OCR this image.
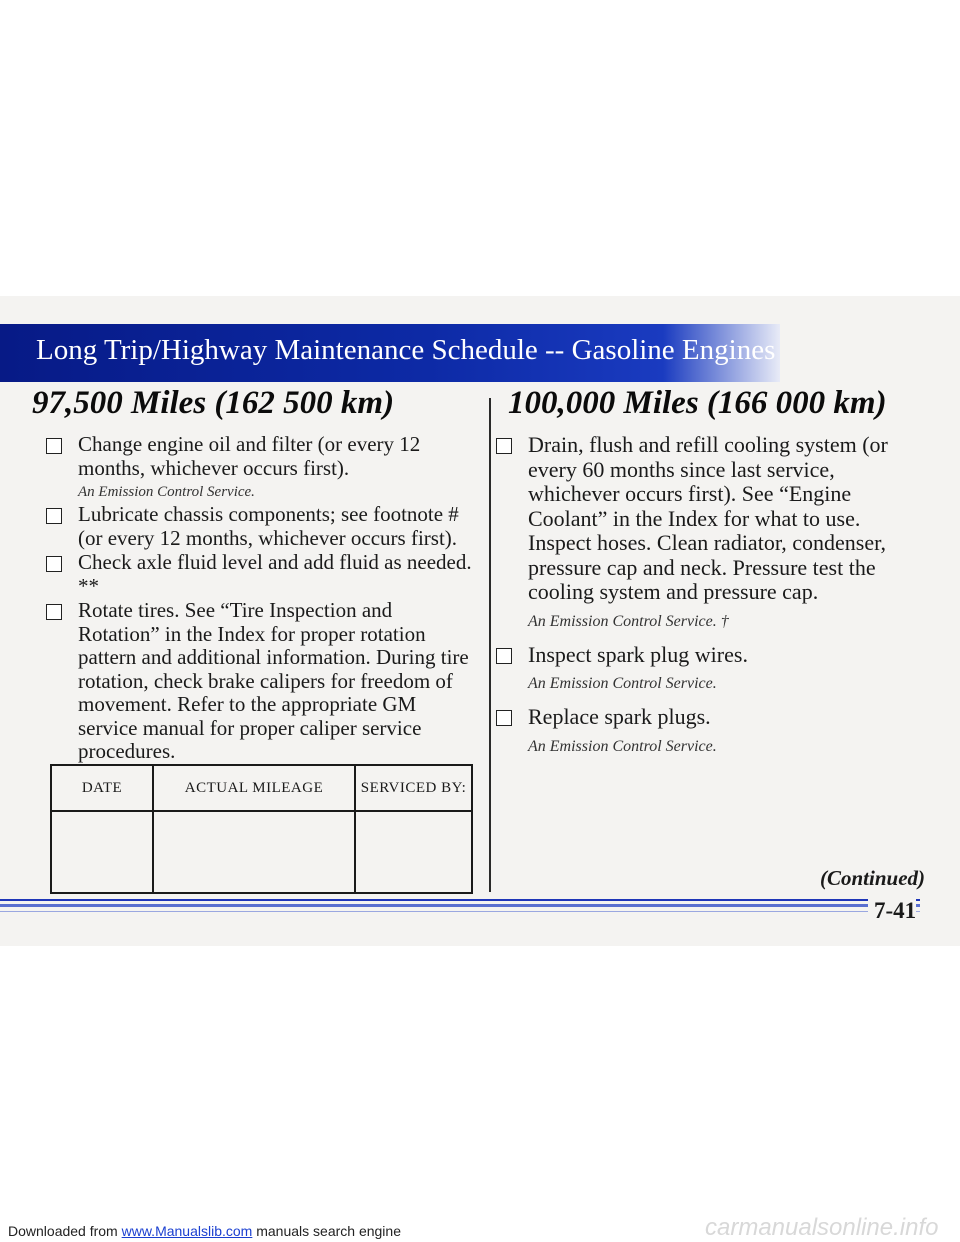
Long Trip/Highway Maintenance Schedule -- Gasoline Engines
97,500 Miles (162 500 km)	100,000 Miles (166 000 km)
Change engine oil and filter (or every 12 months, whichever occurs first).
An Emission Control Service.
Lubricate chassis components; see footnote # (or every 12 months, whichever occurs first).
Check axle fluid level and add fluid as needed. **
Rotate tires. See “Tire Inspection and Rotation” in the Index for proper rotation pattern and additional information. During tire rotation, check brake calipers for freedom of movement. Refer to the appropriate GM service manual for proper caliper service procedures.
DATE	ACTUAL MILEAGE	SERVICED BY:

Drain, flush and refill cooling system (or every 60 months since last service, whichever occurs first). See “Engine Coolant” in the Index for what to use. Inspect hoses. Clean radiator, condenser, pressure cap and neck. Pressure test the cooling system and pressure cap.
An Emission Control Service. †
Inspect spark plug wires.
An Emission Control Service.
Replace spark plugs.
An Emission Control Service.
(Continued)
7-41
Downloaded from www.Manualslib.com manuals search engine	carmanualsonline.info
